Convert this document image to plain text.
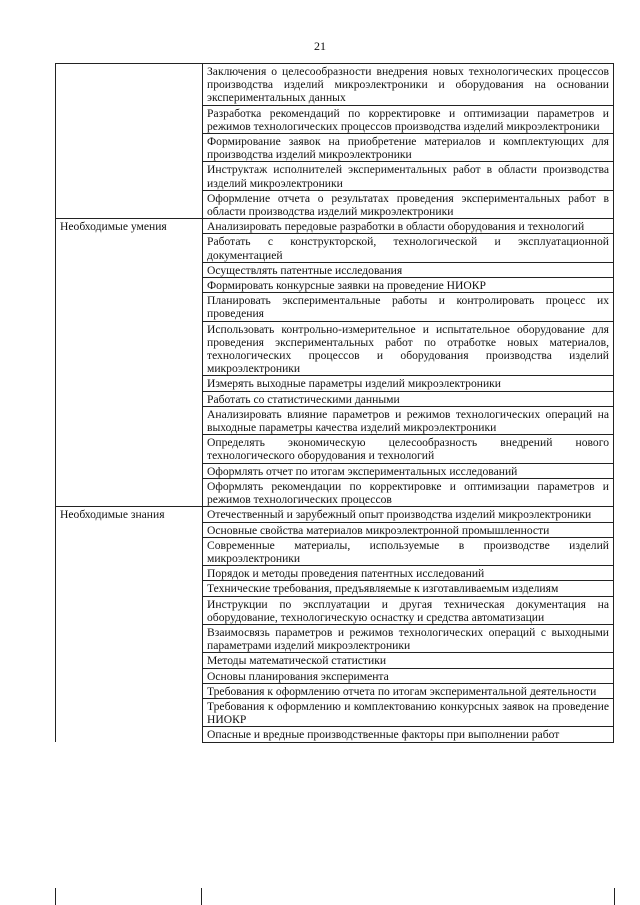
21
	Заключения о целесообразности внедрения новых технологических процессов производства изделий микроэлектроники и оборудования на основании экспериментальных данных
	Разработка рекомендаций по корректировке и оптимизации параметров и режимов технологических процессов производства изделий микроэлектроники
	Формирование заявок на приобретение материалов и комплектующих для производства изделий микроэлектроники
	Инструктаж исполнителей экспериментальных работ в области производства изделий микроэлектроники
	Оформление отчета о результатах проведения экспериментальных работ в области производства изделий микроэлектроники
Необходимые умения	Анализировать передовые разработки в области оборудования и технологий
	Работать с конструкторской, технологической и эксплуатационной документацией
	Осуществлять патентные исследования
	Формировать конкурсные заявки на проведение НИОКР
	Планировать экспериментальные работы и контролировать процесс их проведения
	Использовать контрольно-измерительное и испытательное оборудование для проведения экспериментальных работ по отработке новых материалов, технологических процессов и оборудования производства изделий микроэлектроники
	Измерять выходные параметры изделий микроэлектроники
	Работать со статистическими данными
	Анализировать влияние параметров и режимов технологических операций на выходные параметры качества изделий микроэлектроники
	Определять экономическую целесообразность внедрений нового технологического оборудования и технологий
	Оформлять отчет по итогам экспериментальных исследований
	Оформлять рекомендации по корректировке и оптимизации параметров и режимов технологических процессов
Необходимые знания	Отечественный и зарубежный опыт производства изделий микроэлектроники
	Основные свойства материалов микроэлектронной промышленности
	Современные материалы, используемые в производстве изделий микроэлектроники
	Порядок и методы проведения патентных исследований
	Технические требования, предъявляемые к изготавливаемым изделиям
	Инструкции по эксплуатации и другая техническая документация на оборудование, технологическую оснастку и средства автоматизации
	Взаимосвязь параметров и режимов технологических операций с выходными параметрами изделий микроэлектроники
	Методы математической статистики
	Основы планирования эксперимента
	Требования к оформлению отчета по итогам экспериментальной деятельности
	Требования к оформлению и комплектованию конкурсных заявок на проведение НИОКР
	Опасные и вредные производственные факторы при выполнении работ
